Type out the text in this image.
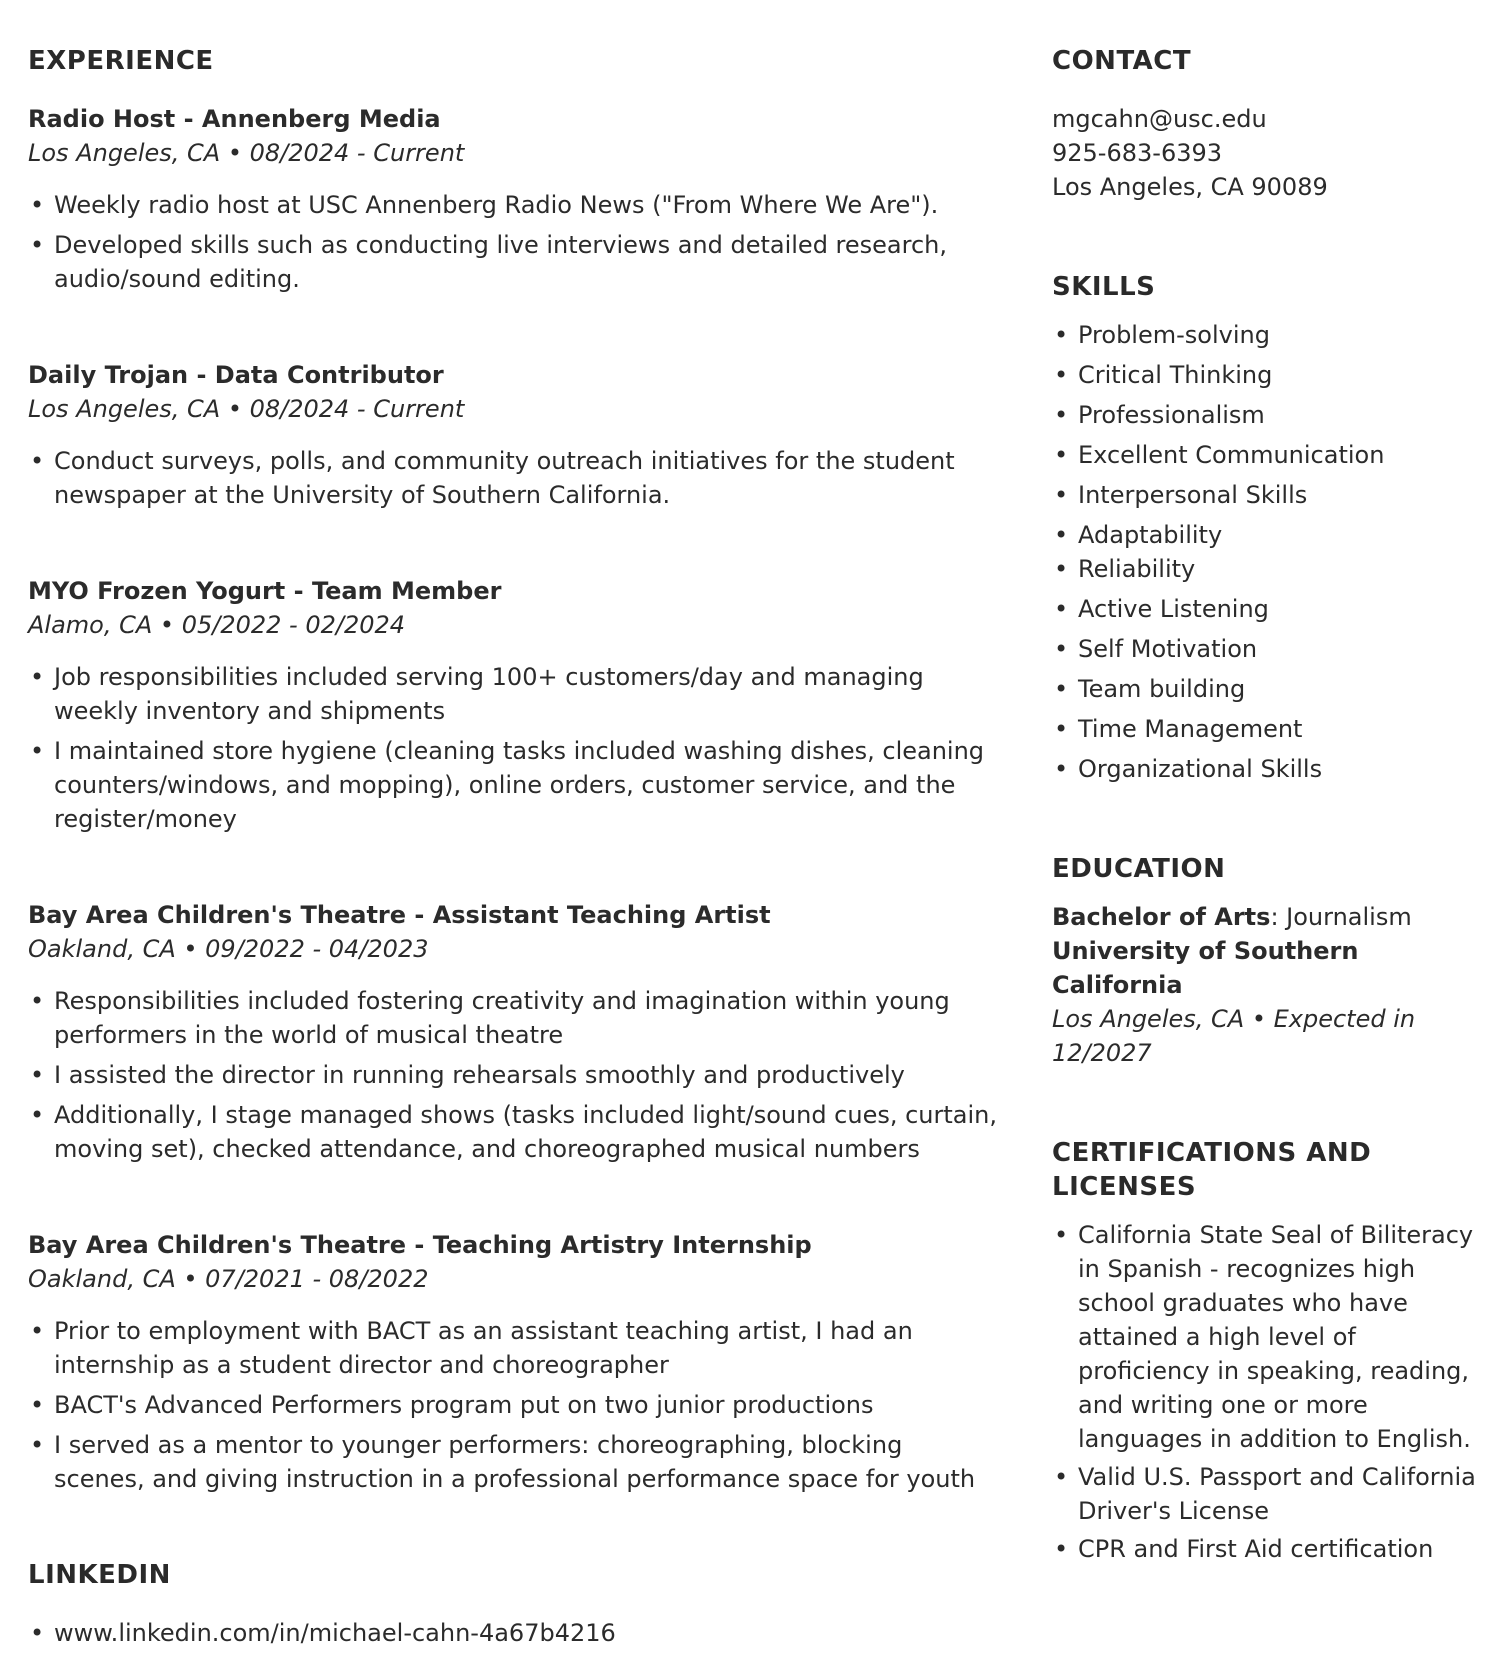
EXPERIENCE
Radio Host - Annenberg Media
Los Angeles, CA • 08/2024 - Current
• Weekly radio host at USC Annenberg Radio News ("From Where We Are").
• Developed skills such as conducting live interviews and detailed research, audio/sound editing.
Daily Trojan - Data Contributor
Los Angeles, CA • 08/2024 - Current
• Conduct surveys, polls, and community outreach initiatives for the student newspaper at the University of Southern California.
MYO Frozen Yogurt - Team Member
Alamo, CA • 05/2022 - 02/2024
• Job responsibilities included serving 100+ customers/day and managing weekly inventory and shipments
• I maintained store hygiene (cleaning tasks included washing dishes, cleaning counters/windows, and mopping), online orders, customer service, and the register/money
Bay Area Children's Theatre - Assistant Teaching Artist
Oakland, CA • 09/2022 - 04/2023
• Responsibilities included fostering creativity and imagination within young performers in the world of musical theatre
• I assisted the director in running rehearsals smoothly and productively
• Additionally, I stage managed shows (tasks included light/sound cues, curtain, moving set), checked attendance, and choreographed musical numbers
Bay Area Children's Theatre - Teaching Artistry Internship
Oakland, CA • 07/2021 - 08/2022
• Prior to employment with BACT as an assistant teaching artist, I had an internship as a student director and choreographer
• BACT's Advanced Performers program put on two junior productions
• I served as a mentor to younger performers: choreographing, blocking scenes, and giving instruction in a professional performance space for youth
LINKEDIN
• www.linkedin.com/in/michael-cahn-4a67b4216
CONTACT
mgcahn@usc.edu
925-683-6393
Los Angeles, CA 90089
SKILLS
• Problem-solving
• Critical Thinking
• Professionalism
• Excellent Communication
• Interpersonal Skills
• Adaptability
• Reliability
• Active Listening
• Self Motivation
• Team building
• Time Management
• Organizational Skills
EDUCATION
Bachelor of Arts: Journalism
University of Southern California
Los Angeles, CA • Expected in
12/2027
CERTIFICATIONS AND LICENSES
• California State Seal of Biliteracy in Spanish - recognizes high school graduates who have attained a high level of proficiency in speaking, reading, and writing one or more languages in addition to English.
• Valid U.S. Passport and California Driver's License
• CPR and First Aid certification
